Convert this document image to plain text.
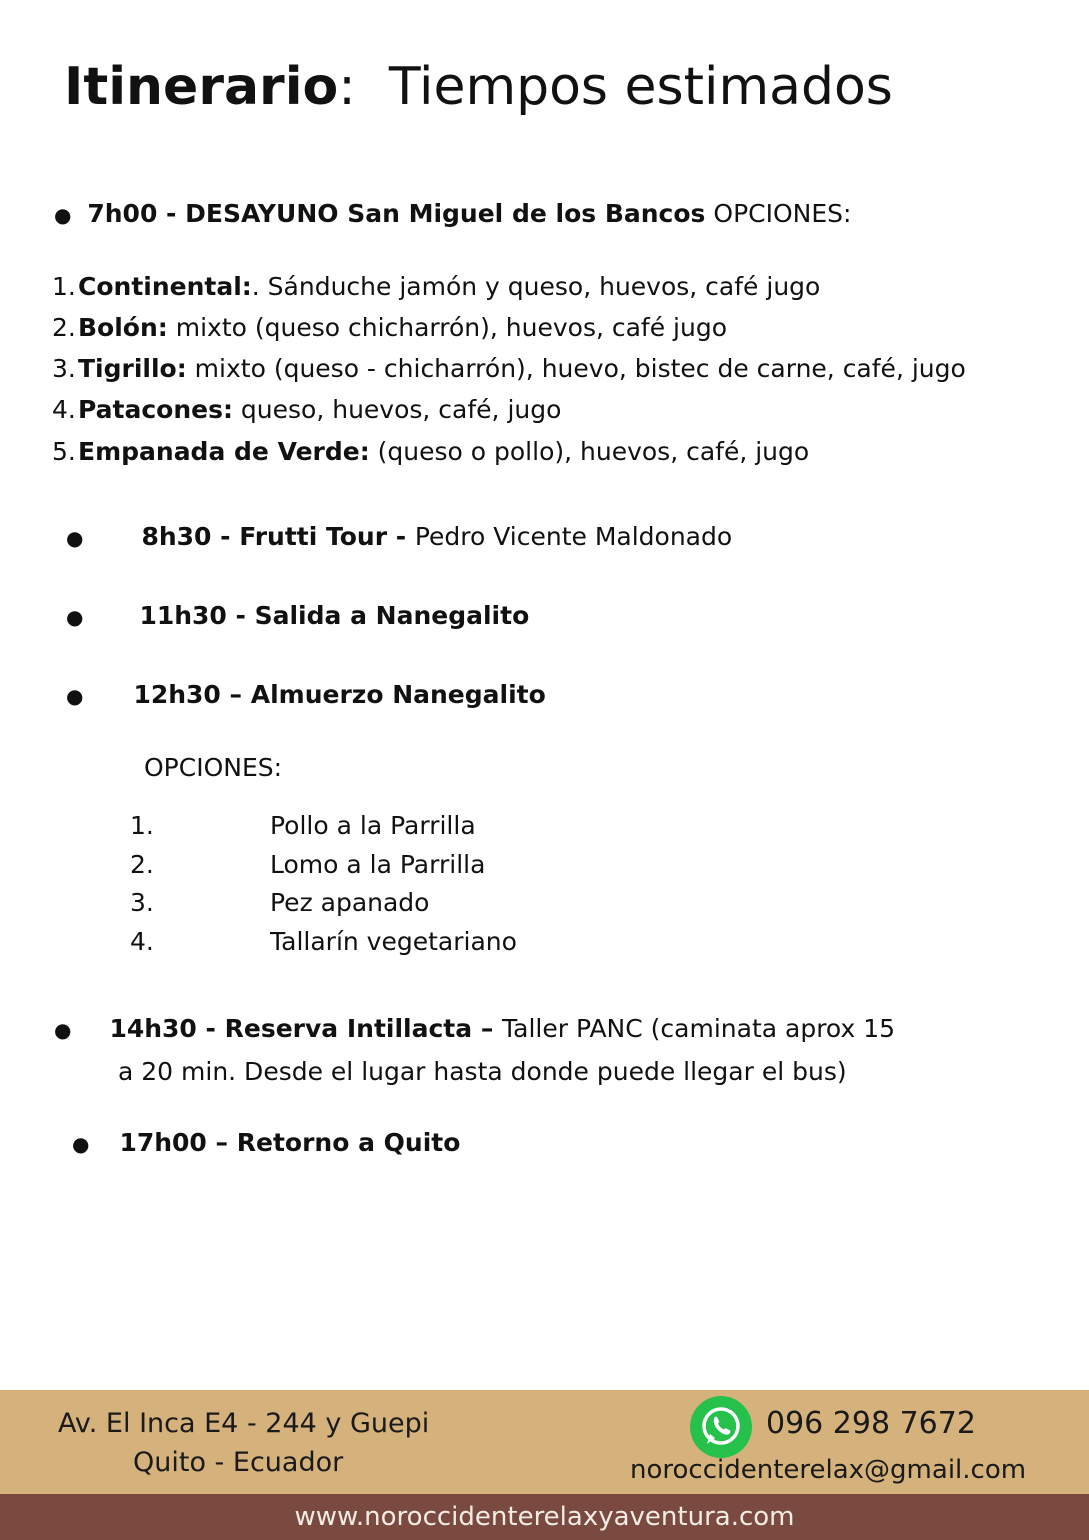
Itinerario: Tiempos estimados
● 7h00 - DESAYUNO San Miguel de los Bancos OPCIONES:
1.Continental:. Sánduche jamón y queso, huevos, café jugo
2.Bolón: mixto (queso chicharrón), huevos, café jugo
3.Tigrillo: mixto (queso - chicharrón), huevo, bistec de carne, café, jugo
4.Patacones: queso, huevos, café, jugo
5.Empanada de Verde: (queso o pollo), huevos, café, jugo
● 8h30 - Frutti Tour - Pedro Vicente Maldonado
● 11h30 - Salida a Nanegalito
● 12h30 – Almuerzo Nanegalito
OPCIONES:
1.	Pollo a la Parrilla
2.	Lomo a la Parrilla
3.	Pez apanado
4.	Tallarín vegetariano
● 14h30 - Reserva Intillacta – Taller PANC (caminata aprox 15
a 20 min. Desde el lugar hasta donde puede llegar el bus)
● 17h00 – Retorno a Quito
Av. El Inca E4 - 244 y Guepi
Quito - Ecuador
096 298 7672
noroccidenterelax@gmail.com
www.noroccidenterelaxyaventura.com
